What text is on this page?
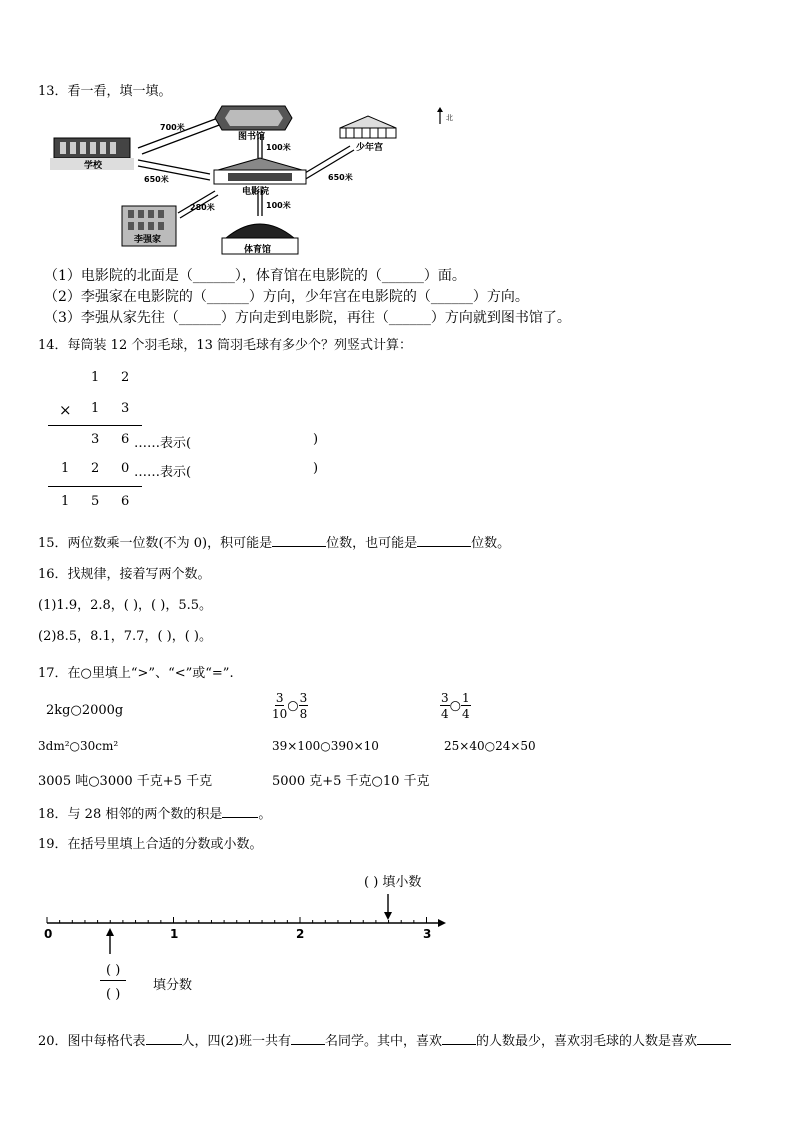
13．看一看，填一填。
图书馆
学校
少年宫
电影院
李强家
体育馆
700米
100米
650米	650米
280米	100米
北
（1）电影院的北面是（______），体育馆在电影院的（______）面。
（2）李强家在电影院的（______）方向，少年宫在电影院的（______）方向。
（3）李强从家先往（______）方向走到电影院，再往（______）方向就到图书馆了。
14．每筒装 12 个羽毛球，13 筒羽毛球有多少个？列竖式计算：
1 2
× 1 3
3 6 ……表示(	)
1 2 0 ……表示(	)
1 5 6
15．两位数乘一位数(不为 0)，积可能是	位数，也可能是	位数。
16．找规律，接着写两个数。
(1)1.9，2.8，( )，( )，5.5。
(2)8.5，8.1，7.7，( )，( )。
17．在○里填上“>”、“<”或“=”.
2kg○2000g	$\frac{3}{10}$ ○ $\frac{3}{8}$	$\frac{3}{4}$ ○ $\frac{1}{4}$
3dm²○30cm²	39×100○390×10	25×40○24×50
3005 吨○3000 千克+5 千克	5000 克+5 千克○10 千克
18．与 28 相邻的两个数的积是	。
19．在括号里填上合适的分数或小数。
( ) 填小数
0	1	2	3
( )
( )
填分数
20．图中每格代表	人，四(2)班一共有	名同学。其中，喜欢	的人数最少，喜欢羽毛球的人数是喜欢
